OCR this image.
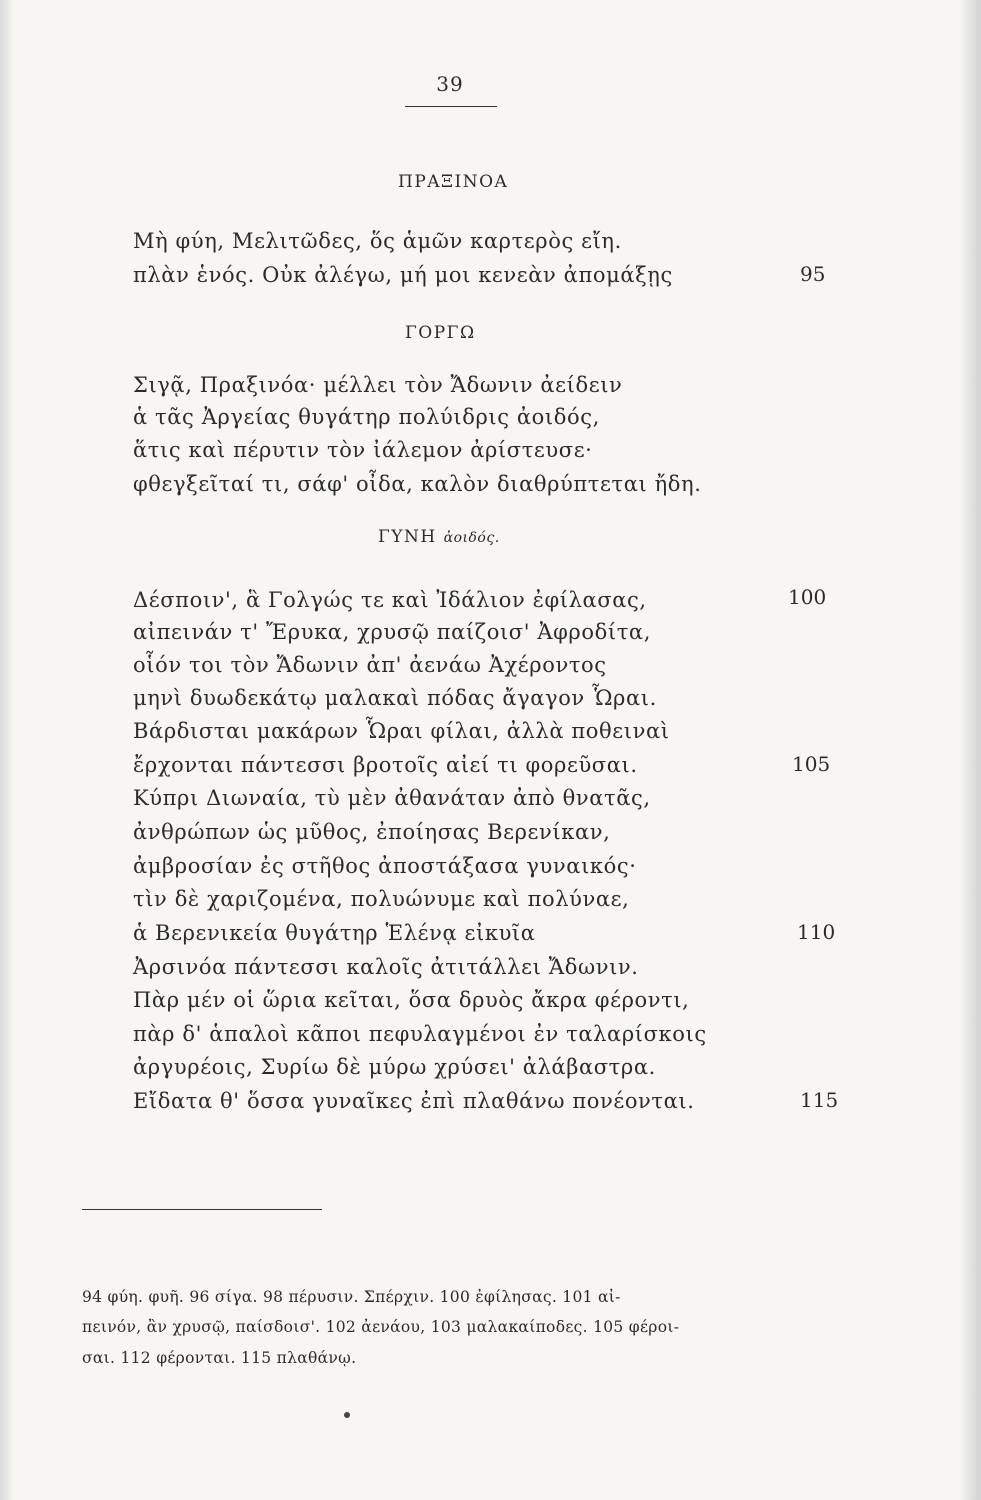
39
ΠΡΑΞΙΝΟΑ
Μὴ φύη, Μελιτῶδες, ὅς ἁμῶν καρτερὸς εἴη.
πλὰν ἑνός. Οὐκ ἀλέγω, μή μοι κενεὰν ἀπομάξῃς	95
ΓΟΡΓΩ
Σιγᾷ, Πραξινόα· μέλλει τὸν Ἄδωνιν ἀείδειν
ἁ τᾶς Ἀργείας θυγάτηρ πολύιδρις ἀοιδός,
ἅτις καὶ πέρυτιν τὸν ἰάλεμον ἀρίστευσε·
φθεγξεῖταί τι, σάφ' οἶδα, καλὸν διαθρύπτεται ἤδη.
ΓΥΝΗ ἀοιδός.
Δέσποιν', ἃ Γολγώς τε καὶ Ἰδάλιον ἐφίλασας,	100
αἰπεινάν τ' Ἔρυκα, χρυσῷ παίζοισ' Ἀφροδίτα,
οἷόν τοι τὸν Ἄδωνιν ἀπ' ἀενάω Ἀχέροντος
μηνὶ δυωδεκάτῳ μαλακαὶ πόδας ἄγαγον Ὧραι.
Βάρδισται μακάρων Ὧραι φίλαι, ἀλλὰ ποθειναὶ
ἔρχονται πάντεσσι βροτοῖς αἰεί τι φορεῦσαι.	105
Κύπρι Διωναία, τὺ μὲν ἀθανάταν ἀπὸ θνατᾶς,
ἀνθρώπων ὡς μῦθος, ἐποίησας Βερενίκαν,
ἀμβροσίαν ἐς στῆθος ἀποστάξασα γυναικός·
τὶν δὲ χαριζομένα, πολυώνυμε καὶ πολύναε,
ἁ Βερενικεία θυγάτηρ Ἑλένᾳ εἰκυῖα	110
Ἀρσινόα πάντεσσι καλοῖς ἀτιτάλλει Ἄδωνιν.
Πὰρ μέν οἱ ὥρια κεῖται, ὅσα δρυὸς ἄκρα φέροντι,
πὰρ δ' ἁπαλοὶ κᾶποι πεφυλαγμένοι ἐν ταλαρίσκοις
ἀργυρέοις, Συρίω δὲ μύρω χρύσει' ἀλάβαστρα.
Εἴδατα θ' ὅσσα γυναῖκες ἐπὶ πλαθάνω πονέονται.	115
94 φύη. φυῆ. 96 σίγα. 98 πέρυσιν. Σπέρχιν. 100 ἐφίλησας. 101 αἰ-
πεινόν, ἂν χρυσῷ, παίσδοισ'. 102 ἀενάου, 103 μαλακαίποδες. 105 φέροι-
σαι. 112 φέρονται. 115 πλαθάνῳ.
